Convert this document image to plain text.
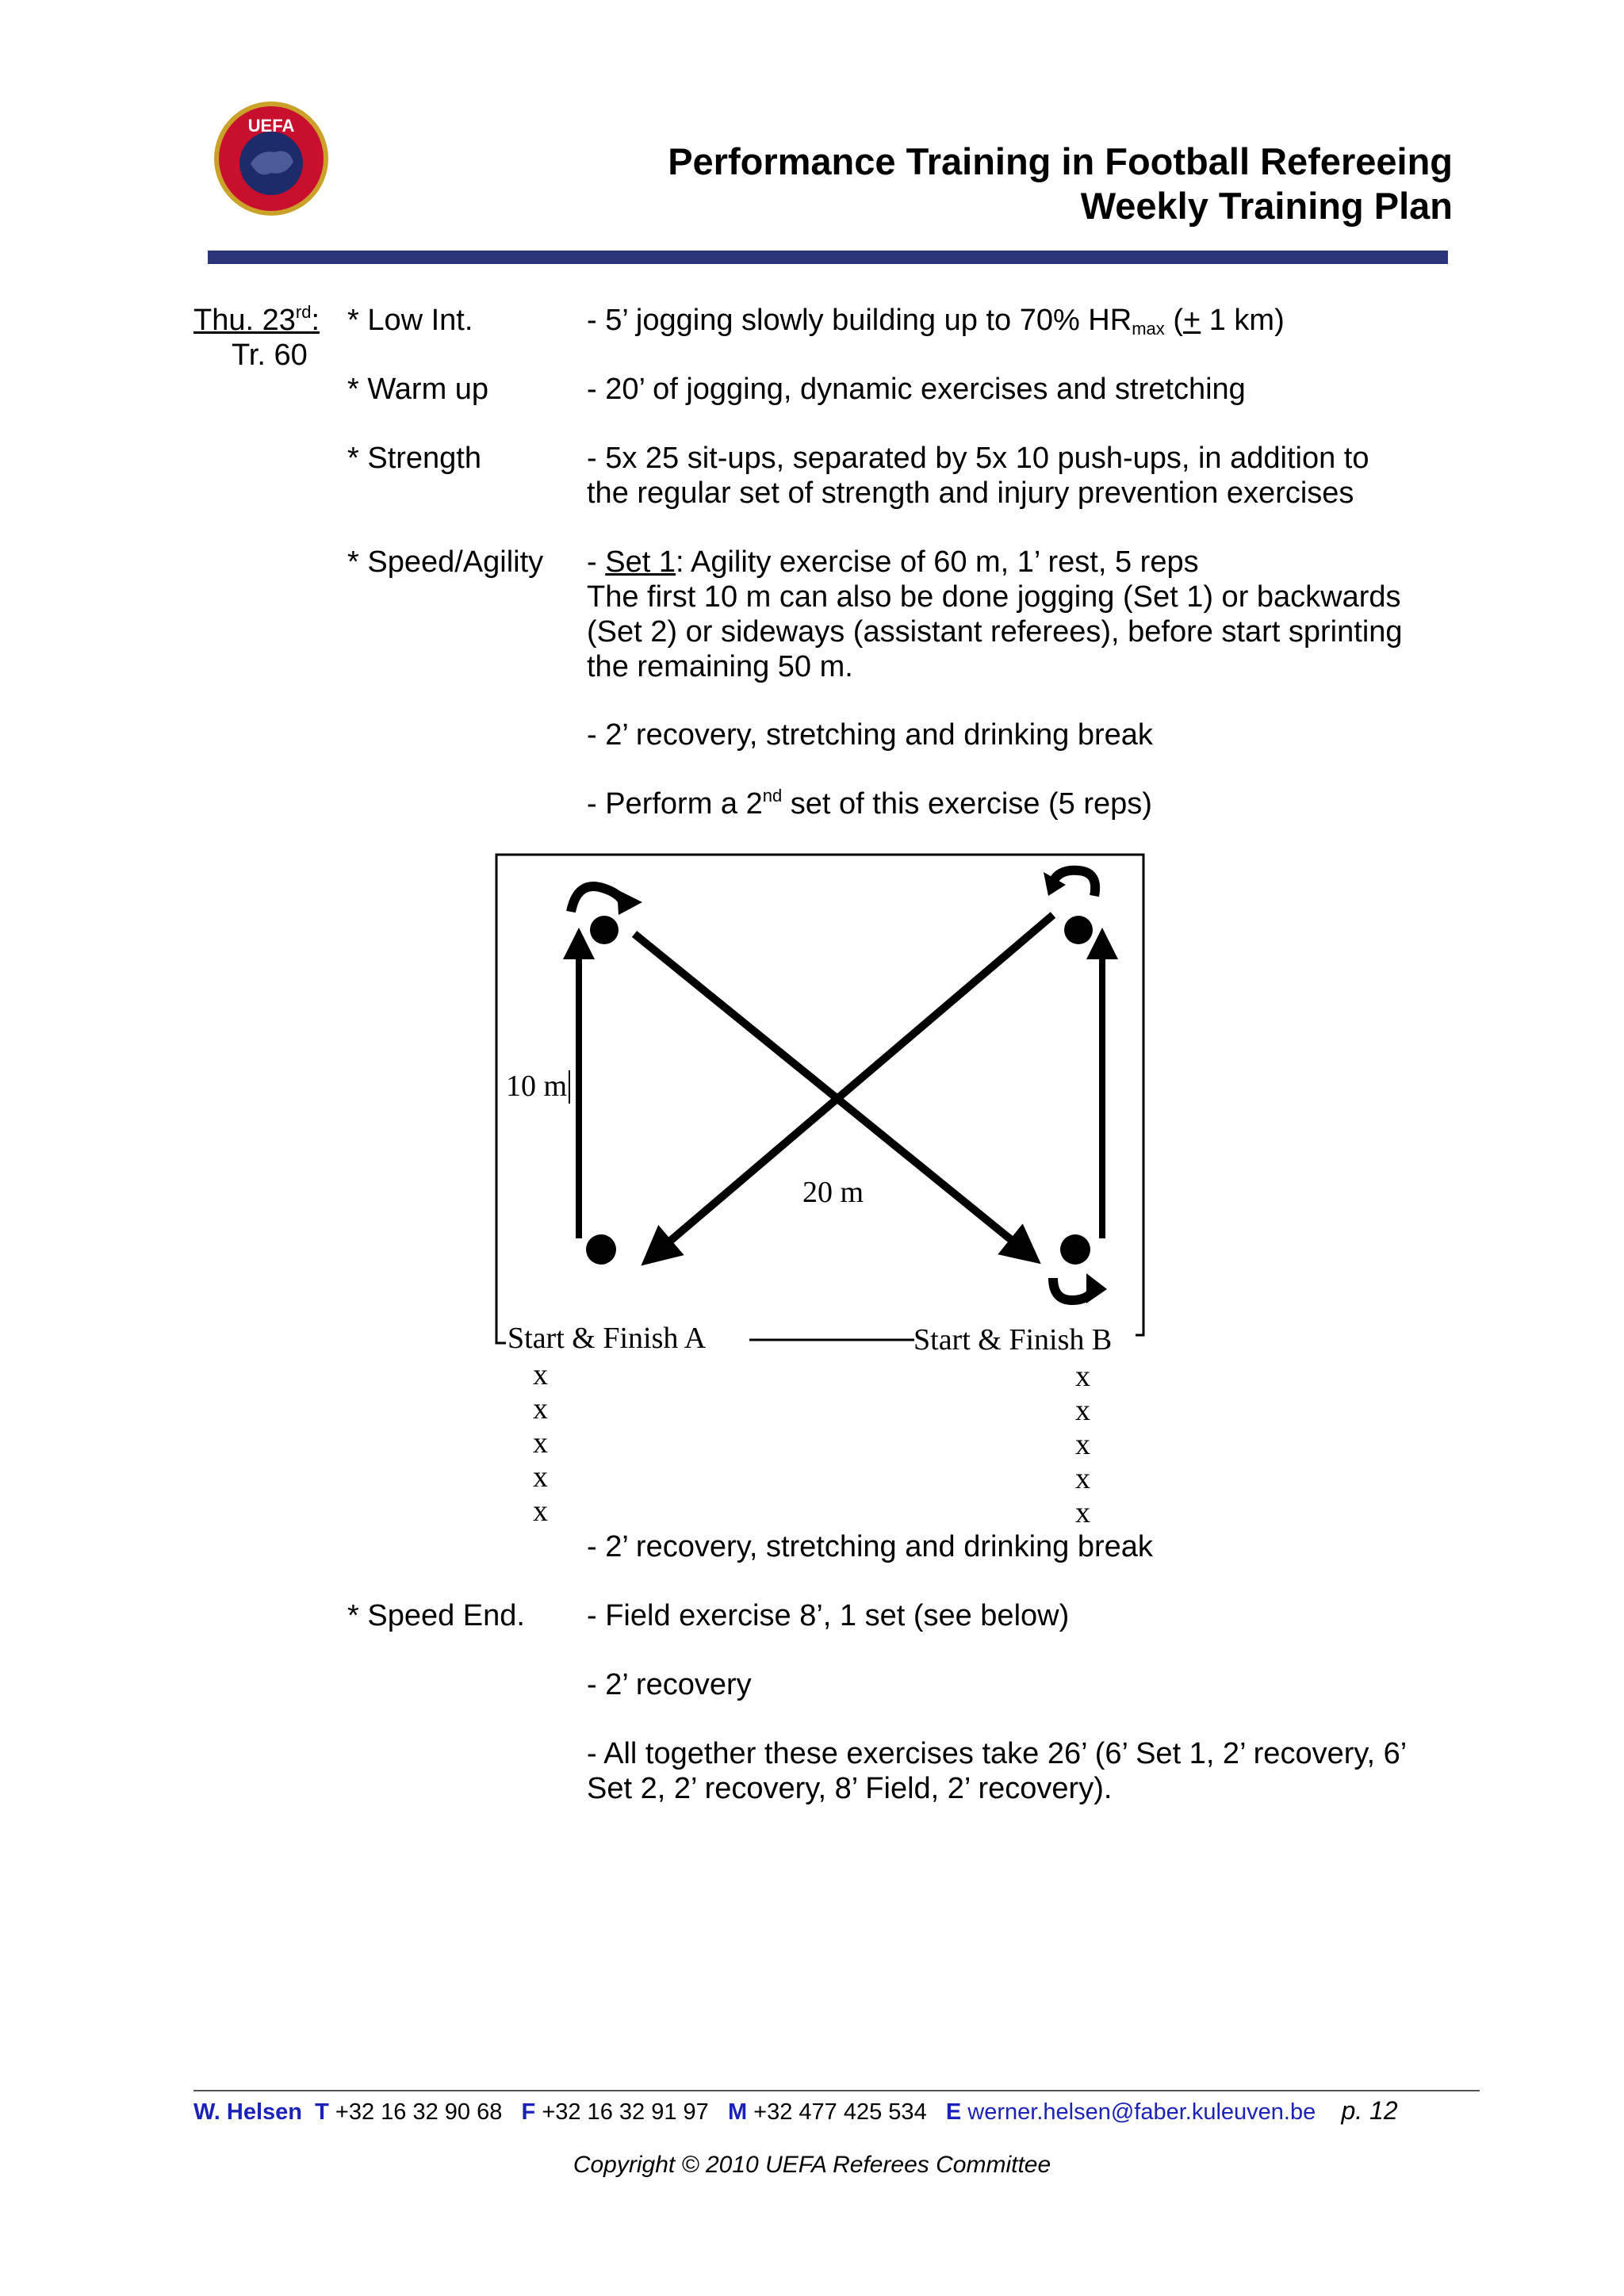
UEFA
Performance Training in Football Refereeing
Weekly Training Plan
Thu. 23rd:
Tr. 60
* Low Int.	- 5’ jogging slowly building up to 70% $HR_{max}$ (+ 1 km)
* Warm up	- 20’ of jogging, dynamic exercises and stretching
* Strength	- 5x 25 sit-ups, separated by 5x 10 push-ups, in addition to the regular set of strength and injury prevention exercises
* Speed/Agility - Set 1: Agility exercise of 60 m, 1’ rest, 5 reps
The first 10 m can also be done jogging (Set 1) or backwards (Set 2) or sideways (assistant referees), before start sprinting the remaining 50 m.
- 2’ recovery, stretching and drinking break
- Perform a 2nd set of this exercise (5 reps)
10 m
20 m
Start & Finish A	Start & Finish B
x
x
x
x
x
x
x
x
x
x
- 2’ recovery, stretching and drinking break
* Speed End. - Field exercise 8’, 1 set (see below)
- 2’ recovery
- All together these exercises take 26’ (6’ Set 1, 2’ recovery, 6’ Set 2, 2’ recovery, 8’ Field, 2’ recovery).
W. Helsen T +32 16 32 90 68 F +32 16 32 91 97 M +32 477 425 534 E werner.helsen@faber.kuleuven.be p. 12
Copyright © 2010 UEFA Referees Committee
